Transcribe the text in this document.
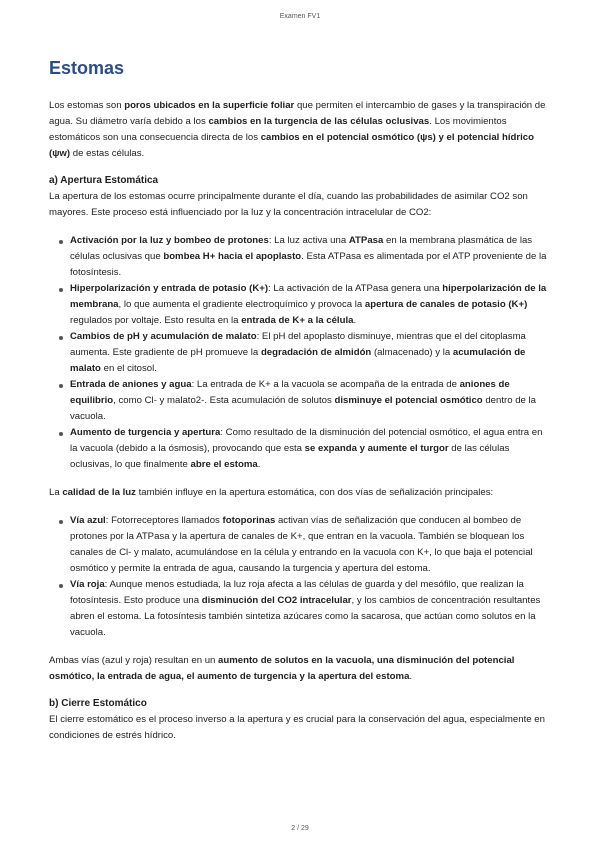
Examen FV1
Estomas

Los estomas son poros ubicados en la superficie foliar que permiten el intercambio de gases y la transpiración de agua. Su diámetro varía debido a los cambios en la turgencia de las células oclusivas. Los movimientos estomáticos son una consecuencia directa de los cambios en el potencial osmótico (ψs) y el potencial hídrico (ψw) de estas células.

a) Apertura Estomática

La apertura de los estomas ocurre principalmente durante el día, cuando las probabilidades de asimilar CO2 son mayores. Este proceso está influenciado por la luz y la concentración intracelular de CO2:

Activación por la luz y bombeo de protones: La luz activa una ATPasa en la membrana plasmática de las células oclusivas que bombea H+ hacia el apoplasto. Esta ATPasa es alimentada por el ATP proveniente de la fotosíntesis.
Hiperpolarización y entrada de potasio (K+): La activación de la ATPasa genera una hiperpolarización de la membrana, lo que aumenta el gradiente electroquímico y provoca la apertura de canales de potasio (K+) regulados por voltaje. Esto resulta en la entrada de K+ a la célula.
Cambios de pH y acumulación de malato: El pH del apoplasto disminuye, mientras que el del citoplasma aumenta. Este gradiente de pH promueve la degradación de almidón (almacenado) y la acumulación de malato en el citosol.
Entrada de aniones y agua: La entrada de K+ a la vacuola se acompaña de la entrada de aniones de equilibrio, como Cl- y malato2-. Esta acumulación de solutos disminuye el potencial osmótico dentro de la vacuola.
Aumento de turgencia y apertura: Como resultado de la disminución del potencial osmótico, el agua entra en la vacuola (debido a la ósmosis), provocando que esta se expanda y aumente el turgor de las células oclusivas, lo que finalmente abre el estoma.

La calidad de la luz también influye en la apertura estomática, con dos vías de señalización principales:

Vía azul: Fotorreceptores llamados fotoporinas activan vías de señalización que conducen al bombeo de protones por la ATPasa y la apertura de canales de K+, que entran en la vacuola. También se bloquean los canales de Cl- y malato, acumulándose en la célula y entrando en la vacuola con K+, lo que baja el potencial osmótico y permite la entrada de agua, causando la turgencia y apertura del estoma.
Vía roja: Aunque menos estudiada, la luz roja afecta a las células de guarda y del mesófilo, que realizan la fotosíntesis. Esto produce una disminución del CO2 intracelular, y los cambios de concentración resultantes abren el estoma. La fotosíntesis también sintetiza azúcares como la sacarosa, que actúan como solutos en la vacuola.

Ambas vías (azul y roja) resultan en un aumento de solutos en la vacuola, una disminución del potencial osmótico, la entrada de agua, el aumento de turgencia y la apertura del estoma.

b) Cierre Estomático

El cierre estomático es el proceso inverso a la apertura y es crucial para la conservación del agua, especialmente en condiciones de estrés hídrico.

2 / 29
